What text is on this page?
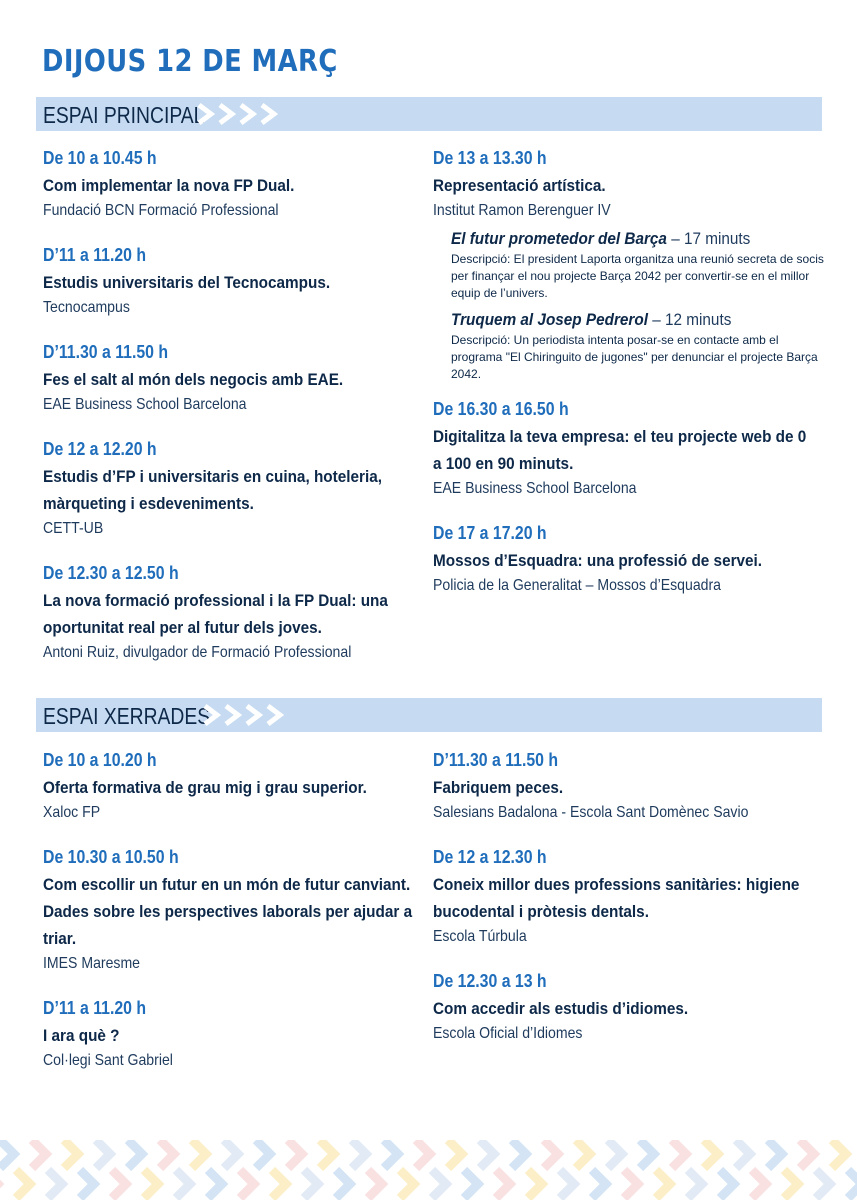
DIJOUS 12 DE MARÇ
ESPAI PRINCIPAL
De 10 a 10.45 h
Com implementar la nova FP Dual.
Fundació BCN Formació Professional
D’11 a 11.20 h
Estudis universitaris del Tecnocampus.
Tecnocampus
D’11.30 a 11.50 h
Fes el salt al món dels negocis amb EAE.
EAE Business School Barcelona
De 12 a 12.20 h
Estudis d’FP i universitaris en cuina, hoteleria, màrqueting i esdeveniments.
CETT-UB
De 12.30 a 12.50 h
La nova formació professional i la FP Dual: una oportunitat real per al futur dels joves.
Antoni Ruiz, divulgador de Formació Professional
De 13 a 13.30 h
Representació artística.
Institut Ramon Berenguer IV
El futur prometedor del Barça – 17 minuts
Descripció: El president Laporta organitza una reunió secreta de socis per finançar el nou projecte Barça 2042 per convertir-se en el millor equip de l’univers.
Truquem al Josep Pedrerol – 12 minuts
Descripció: Un periodista intenta posar-se en contacte amb el programa "El Chiringuito de jugones" per denunciar el projecte Barça 2042.
De 16.30 a 16.50 h
Digitalitza la teva empresa: el teu projecte web de 0 a 100 en 90 minuts.
EAE Business School Barcelona
De 17 a 17.20 h
Mossos d’Esquadra: una professió de servei.
Policia de la Generalitat – Mossos d’Esquadra
ESPAI XERRADES
De 10 a 10.20 h
Oferta formativa de grau mig i grau superior.
Xaloc FP
De 10.30 a 10.50 h
Com escollir un futur en un món de futur canviant. Dades sobre les perspectives laborals per ajudar a triar.
IMES Maresme
D’11 a 11.20 h
I ara què ?
Col·legi Sant Gabriel
D’11.30 a 11.50 h
Fabriquem peces.
Salesians Badalona - Escola Sant Domènec Savio
De 12 a 12.30 h
Coneix millor dues professions sanitàries: higiene bucodental i pròtesis dentals.
Escola Túrbula
De 12.30 a 13 h
Com accedir als estudis d’idiomes.
Escola Oficial d’Idiomes
